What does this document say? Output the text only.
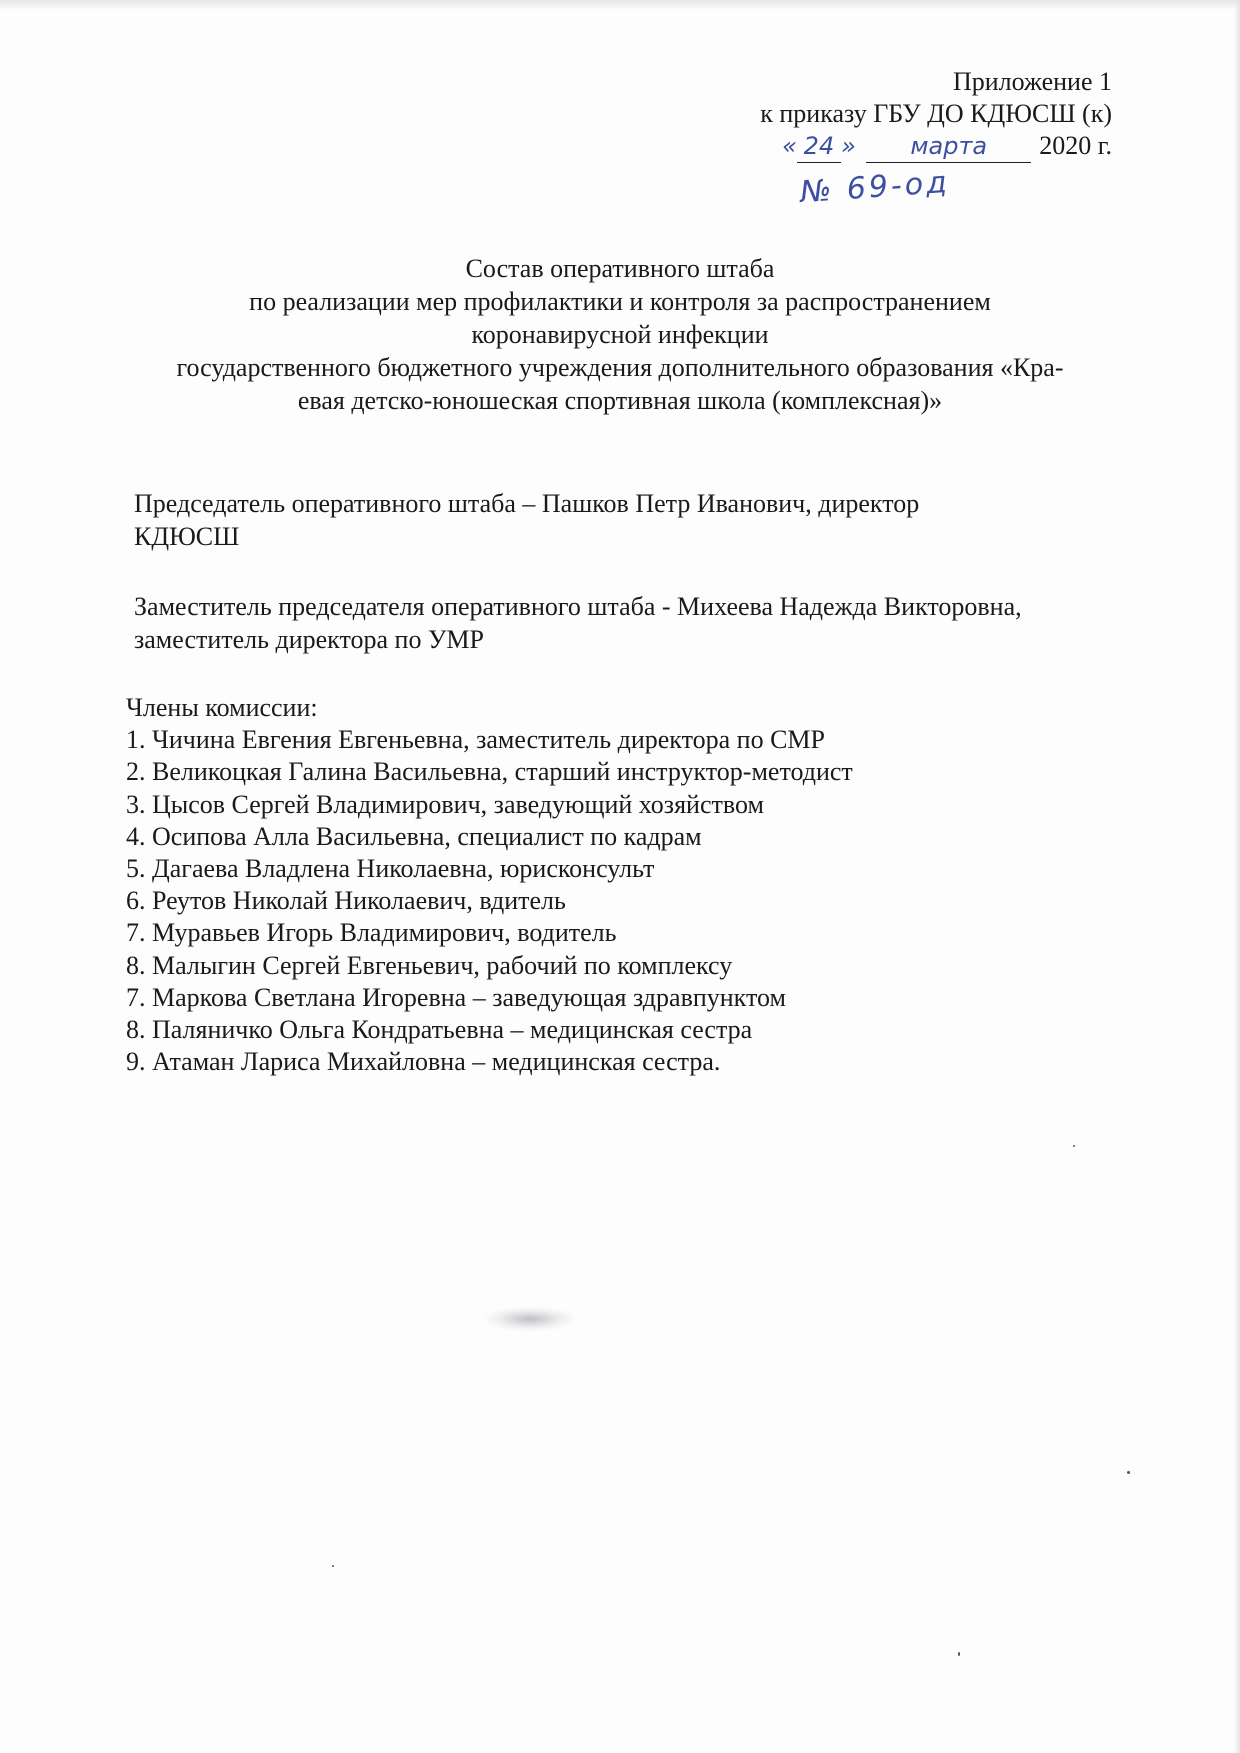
Приложение 1
к приказу ГБУ ДО КДЮСШ (к)
« 24 » марта 2020 г.
№ 69-од
Состав оперативного штаба
по реализации мер профилактики и контроля за распространением
коронавирусной инфекции
государственного бюджетного учреждения дополнительного образования «Кра-
евая детско-юношеская спортивная школа (комплексная)»
Председатель оперативного штаба – Пашков Петр Иванович, директор
КДЮСШ
Заместитель председателя оперативного штаба - Михеева Надежда Викторовна,
заместитель директора по УМР
Члены комиссии:
1. Чичина Евгения Евгеньевна, заместитель директора по СМР
2. Великоцкая Галина Васильевна, старший инструктор-методист
3. Цысов Сергей Владимирович, заведующий хозяйством
4. Осипова Алла Васильевна, специалист по кадрам
5. Дагаева Владлена Николаевна, юрисконсульт
6. Реутов Николай Николаевич, вдитель
7. Муравьев Игорь Владимирович, водитель
8. Малыгин Сергей Евгеньевич, рабочий по комплексу
7. Маркова Светлана Игоревна – заведующая здравпунктом
8. Паляничко Ольга Кондратьевна – медицинская сестра
9. Атаман Лариса Михайловна – медицинская сестра.
